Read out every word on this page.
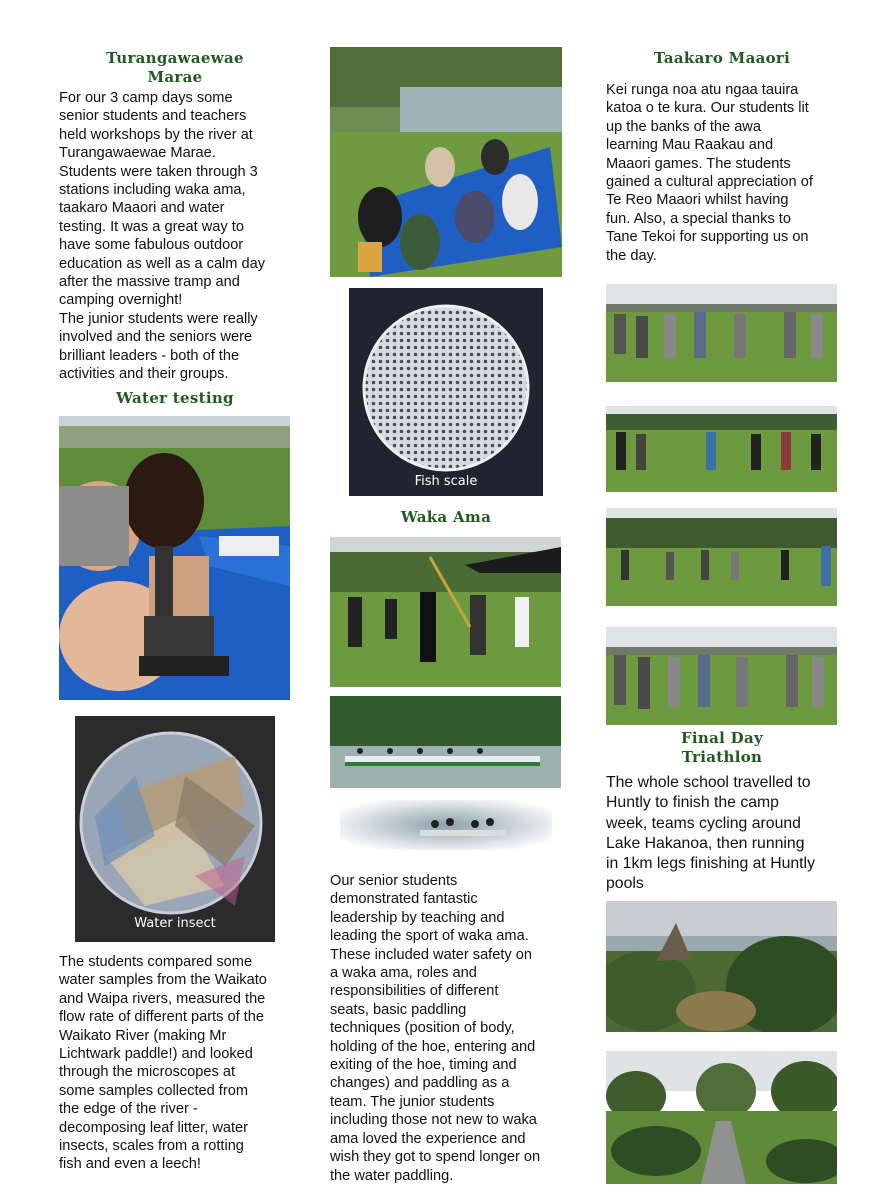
Turangawaewae
Marae
For our 3 camp days some
senior students and teachers
held workshops by the river at
Turangawaewae Marae.
Students were taken through 3
stations including waka ama,
taakaro Maaori and water
testing. It was a great way to
have some fabulous outdoor
education as well as a calm day
after the massive tramp and
camping overnight!
The junior students were really
involved and the seniors were
brilliant leaders - both of the
activities and their groups.
Water testing
Water insect
The students compared some
water samples from the Waikato
and Waipa rivers, measured the
flow rate of different parts of the
Waikato River (making Mr
Lichtwark paddle!) and looked
through the microscopes at
some samples collected from
the edge of the river -
decomposing leaf litter, water
insects, scales from a rotting
fish and even a leech!
Fish scale
Waka Ama
Our senior students
demonstrated fantastic
leadership by teaching and
leading the sport of waka ama.
These included water safety on
a waka ama, roles and
responsibilities of different
seats, basic paddling
techniques (position of body,
holding of the hoe, entering and
exiting of the hoe, timing and
changes) and paddling as a
team. The junior students
including those not new to waka
ama loved the experience and
wish they got to spend longer on
the water paddling.
Taakaro Maaori
Kei runga noa atu ngaa tauira
katoa o te kura. Our students lit
up the banks of the awa
learning Mau Raakau and
Maaori games. The students
gained a cultural appreciation of
Te Reo Maaori whilst having
fun. Also, a special thanks to
Tane Tekoi for supporting us on
the day.
Final Day
Triathlon
The whole school travelled to
Huntly to finish the camp
week, teams cycling around
Lake Hakanoa, then running
in 1km legs finishing at Huntly
pools
